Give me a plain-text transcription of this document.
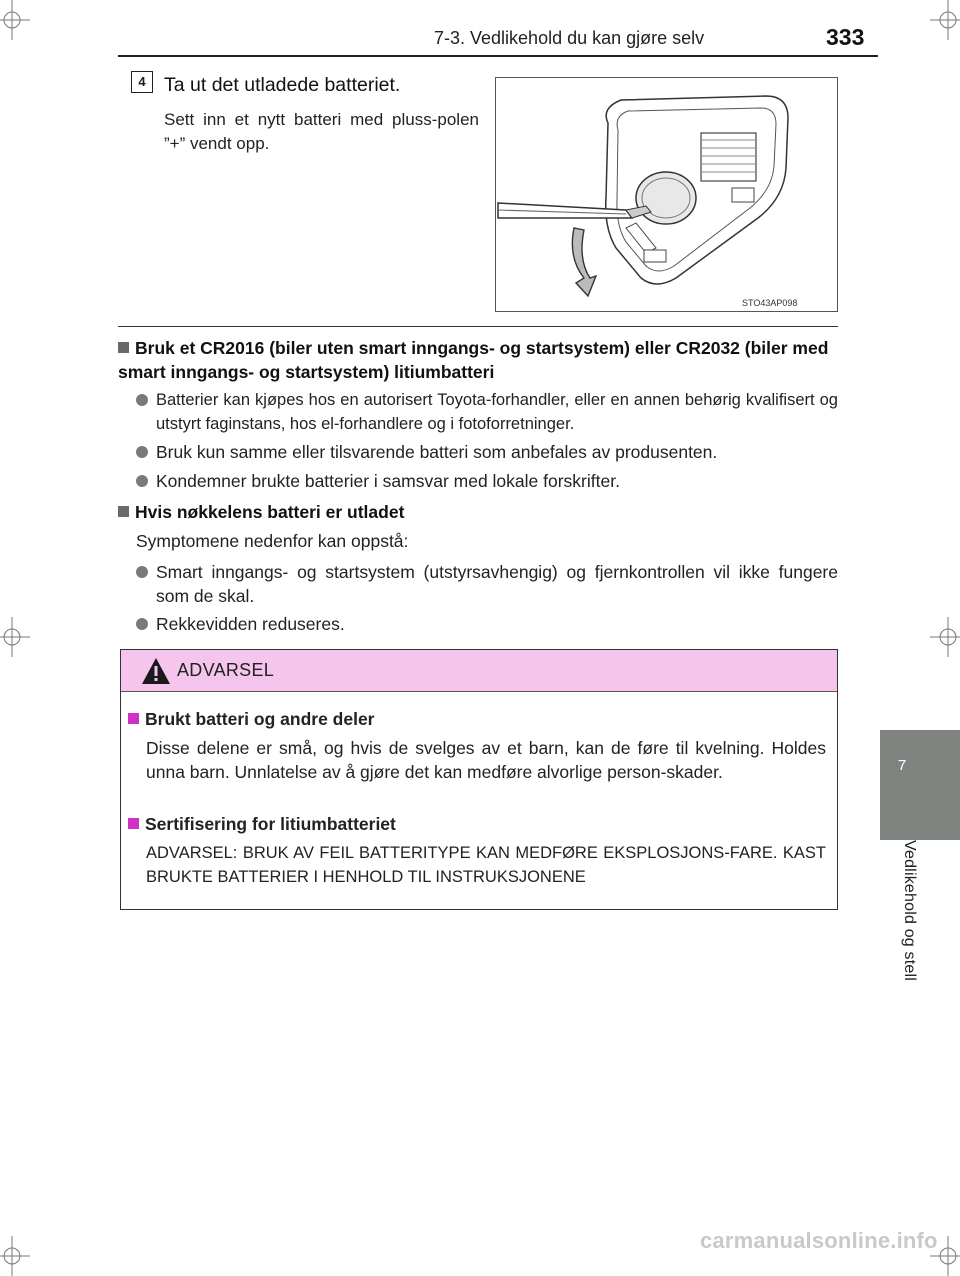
7-3. Vedlikehold du kan gjøre selv	333
7
Vedlikehold og stell
4 Ta ut det utladede batteriet.
Sett inn et nytt batteri med pluss-polen ”+” vendt opp.
STO43AP098
Bruk et CR2016 (biler uten smart inngangs- og startsystem) eller CR2032 (biler med smart inngangs- og startsystem) litiumbatteri
Batterier kan kjøpes hos en autorisert Toyota-forhandler, eller en annen behørig kvalifisert og utstyrt faginstans, hos el-forhandlere og i fotoforretninger.
Bruk kun samme eller tilsvarende batteri som anbefales av produsenten.
Kondemner brukte batterier i samsvar med lokale forskrifter.
Hvis nøkkelens batteri er utladet
Symptomene nedenfor kan oppstå:
Smart inngangs- og startsystem (utstyrsavhengig) og fjernkontrollen vil ikke fungere som de skal.
Rekkevidden reduseres.
ADVARSEL
Brukt batteri og andre deler
Disse delene er små, og hvis de svelges av et barn, kan de føre til kvelning. Holdes unna barn. Unnlatelse av å gjøre det kan medføre alvorlige person-skader.
Sertifisering for litiumbatteriet
ADVARSEL: BRUK AV FEIL BATTERITYPE KAN MEDFØRE EKSPLOSJONS-FARE. KAST BRUKTE BATTERIER I HENHOLD TIL INSTRUKSJONENE
carmanualsonline.info
